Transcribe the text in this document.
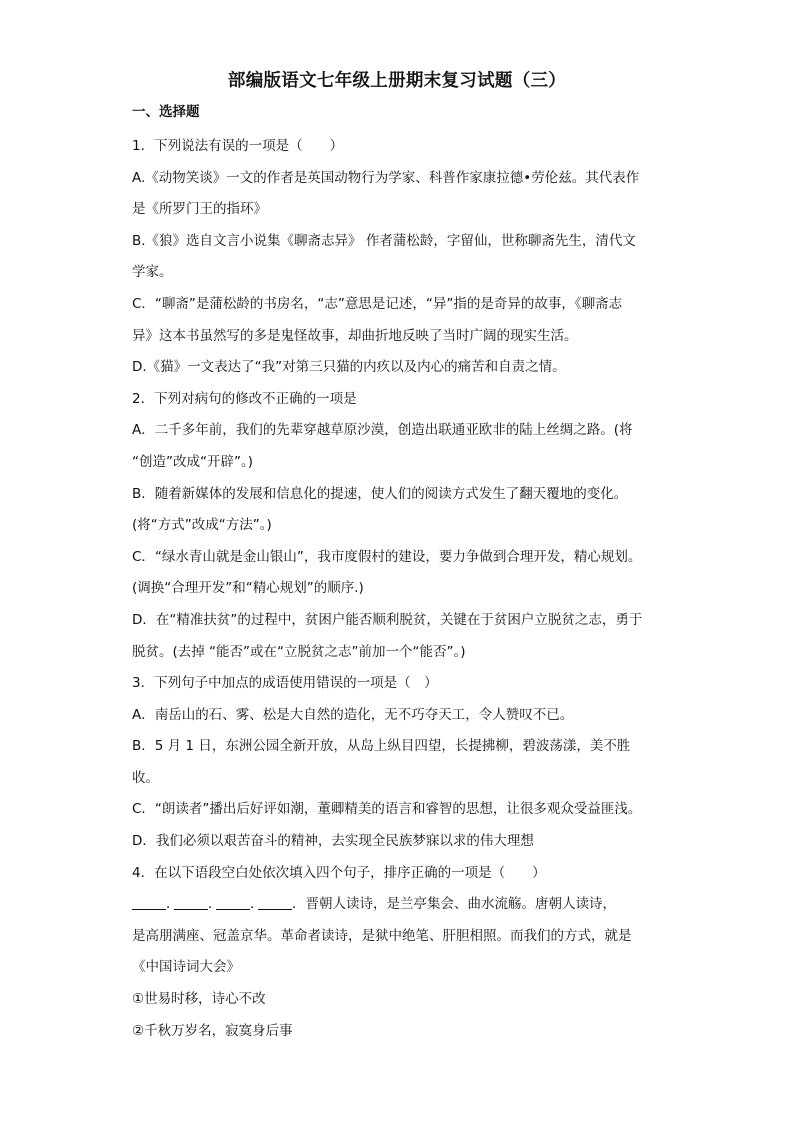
部编版语文七年级上册期末复习试题（三）
一、选择题
1．下列说法有误的一项是（　　）
A.《动物笑谈》一文的作者是英国动物行为学家、科普作家康拉德•劳伦兹。其代表作
是《所罗门王的指环》
B.《狼》选自文言小说集《聊斋志异》 作者蒲松龄，字留仙，世称聊斋先生，清代文
学家。
C．“聊斋”是蒲松龄的书房名，“志”意思是记述，“异”指的是奇异的故事，《聊斋志
异》这本书虽然写的多是鬼怪故事，却曲折地反映了当时广阔的现实生活。
D.《猫》一文表达了“我”对第三只猫的内疚以及内心的痛苦和自责之情。
2．下列对病句的修改不正确的一项是
A．二千多年前，我们的先辈穿越草原沙漠，创造出联通亚欧非的陆上丝绸之路。(将
“创造”改成“开辟”。)
B．随着新媒体的发展和信息化的提速，使人们的阅读方式发生了翻天覆地的变化。
(将“方式”改成“方法”。)
C．“绿水青山就是金山银山”，我市度假村的建设，要力争做到合理开发，精心规划。
(调换“合理开发”和“精心规划”的顺序.)
D．在“精准扶贫”的过程中，贫困户能否顺利脱贫，关键在于贫困户立脱贫之志，勇于
脱贫。(去掉 “能否”或在“立脱贫之志”前加一个“能否”。)
3．下列句子中加点的成语使用错误的一项是（　）
A．南岳山的石、雾、松是大自然的造化，无不巧夺天工，令人赞叹不已。
B．5 月 1 日，东洲公园全新开放，从岛上纵目四望，长提拂柳，碧波荡漾，美不胜
收。
C．“朗读者”播出后好评如潮，董卿精美的语言和睿智的思想，让很多观众受益匪浅。
D．我们必须以艰苦奋斗的精神，去实现全民族梦寐以求的伟大理想
4．在以下语段空白处依次填入四个句子，排序正确的一项是（　　）
． ． ． ．晋朝人读诗，是兰亭集会、曲水流觞。唐朝人读诗，
是高朋满座、冠盖京华。革命者读诗，是狱中绝笔、肝胆相照。而我们的方式，就是
《中国诗词大会》
①世易时移，诗心不改
②千秋万岁名，寂寞身后事
